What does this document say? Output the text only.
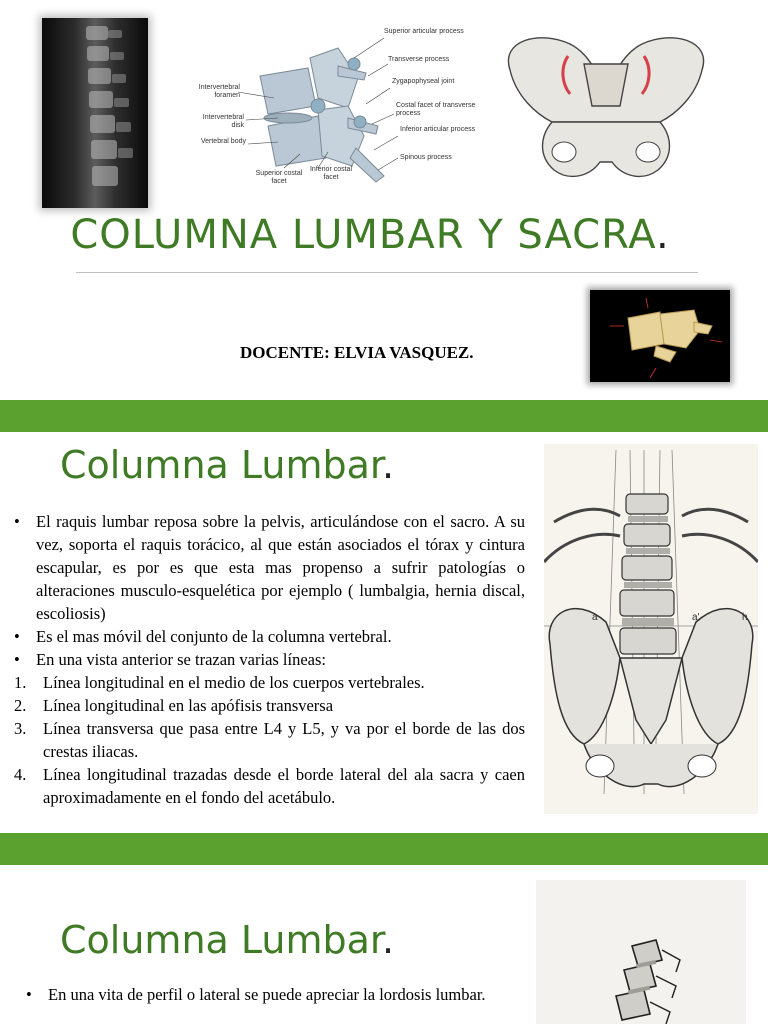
Superior articular process
Transverse process
Zygapophyseal joint
Costal facet of transverse process
Inferior articular process
Spinous process
Intervertebral foramen
Intervertebral disk
Vertebral body
Superior costal facet
Inferior costal facet
COLUMNA LUMBAR Y SACRA.
DOCENTE: ELVIA VASQUEZ.
Columna Lumbar.
• El raquis lumbar reposa sobre la pelvis, articulándose con el sacro. A su vez, soporta el raquis torácico, al que están asociados el tórax y cintura escapular, es por es que esta mas propenso a sufrir patologías o alteraciones musculo-esquelética por ejemplo ( lumbalgia, hernia discal, escoliosis)
• Es el mas móvil del conjunto de la columna vertebral.
• En una vista anterior se trazan varias líneas:
1.	Línea longitudinal en el medio de los cuerpos vertebrales.
2.	Línea longitudinal en las apófisis transversa
3.	Línea transversa que pasa entre L4 y L5, y va por el borde de las dos crestas iliacas.
4.	Línea longitudinal trazadas desde el borde lateral del ala sacra y caen aproximadamente en el fondo del acetábulo.
a	a'	h
Columna Lumbar.
• En una vita de perfil o lateral se puede apreciar la lordosis lumbar.
